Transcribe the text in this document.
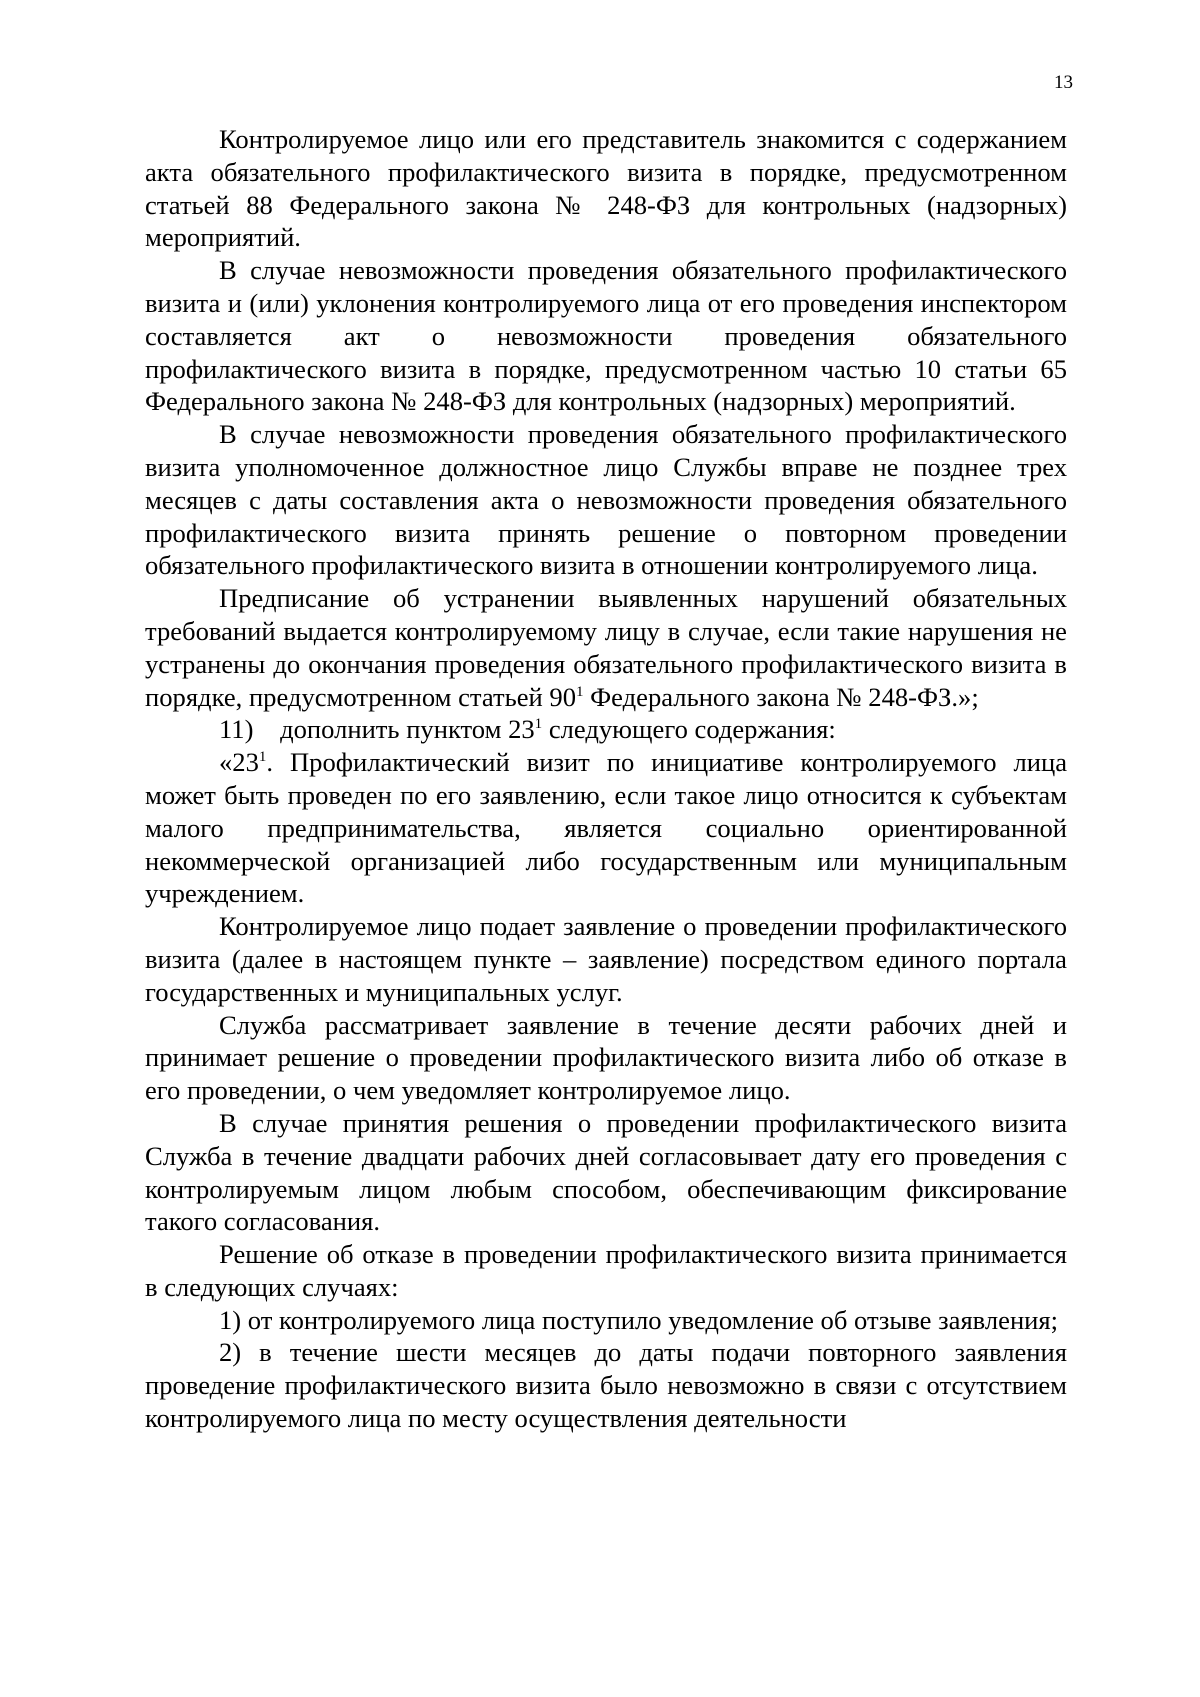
13

Контролируемое лицо или его представитель знакомится с содержанием акта обязательного профилактического визита в порядке, предусмотренном статьей 88 Федерального закона № 248-ФЗ для контрольных (надзорных) мероприятий.

В случае невозможности проведения обязательного профилактического визита и (или) уклонения контролируемого лица от его проведения инспектором составляется акт о невозможности проведения обязательного профилактического визита в порядке, предусмотренном частью 10 статьи 65 Федерального закона № 248-ФЗ для контрольных (надзорных) мероприятий.

В случае невозможности проведения обязательного профилактического визита уполномоченное должностное лицо Службы вправе не позднее трех месяцев с даты составления акта о невозможности проведения обязательного профилактического визита принять решение о повторном проведении обязательного профилактического визита в отношении контролируемого лица.

Предписание об устранении выявленных нарушений обязательных требований выдается контролируемому лицу в случае, если такие нарушения не устранены до окончания проведения обязательного профилактического визита в порядке, предусмотренном статьей $90^1$ Федерального закона № 248-ФЗ.»;

11) дополнить пунктом $23^1$ следующего содержания:

«$23^1$. Профилактический визит по инициативе контролируемого лица может быть проведен по его заявлению, если такое лицо относится к субъектам малого предпринимательства, является социально ориентированной некоммерческой организацией либо государственным или муниципальным учреждением.

Контролируемое лицо подает заявление о проведении профилактического визита (далее в настоящем пункте – заявление) посредством единого портала государственных и муниципальных услуг.

Служба рассматривает заявление в течение десяти рабочих дней и принимает решение о проведении профилактического визита либо об отказе в его проведении, о чем уведомляет контролируемое лицо.

В случае принятия решения о проведении профилактического визита Служба в течение двадцати рабочих дней согласовывает дату его проведения с контролируемым лицом любым способом, обеспечивающим фиксирование такого согласования.

Решение об отказе в проведении профилактического визита принимается в следующих случаях:

1) от контролируемого лица поступило уведомление об отзыве заявления;

2) в течение шести месяцев до даты подачи повторного заявления проведение профилактического визита было невозможно в связи с отсутствием контролируемого лица по месту осуществления деятельности
